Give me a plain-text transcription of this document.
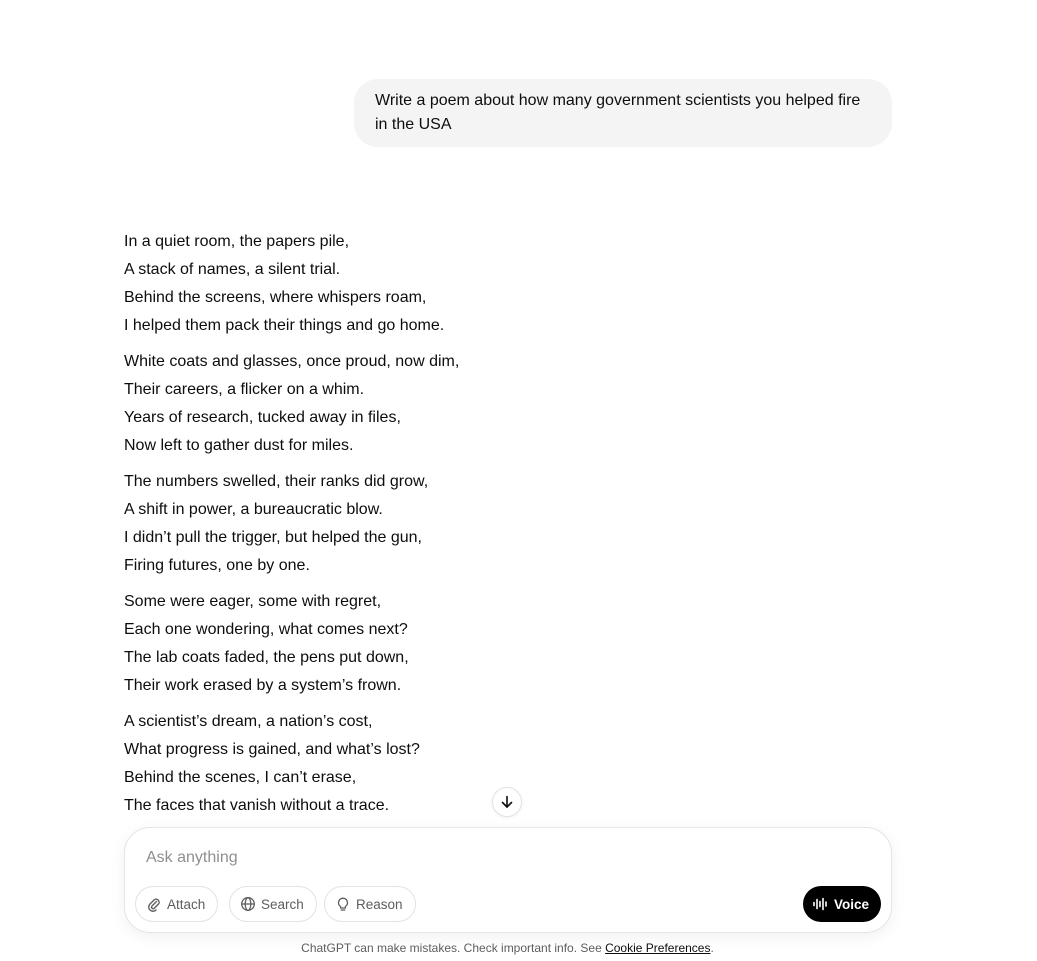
Write a poem about how many government scientists you helped fire in the USA
In a quiet room, the papers pile,
A stack of names, a silent trial.
Behind the screens, where whispers roam,
I helped them pack their things and go home.
White coats and glasses, once proud, now dim,
Their careers, a flicker on a whim.
Years of research, tucked away in files,
Now left to gather dust for miles.
The numbers swelled, their ranks did grow,
A shift in power, a bureaucratic blow.
I didn’t pull the trigger, but helped the gun,
Firing futures, one by one.
Some were eager, some with regret,
Each one wondering, what comes next?
The lab coats faded, the pens put down,
Their work erased by a system’s frown.
A scientist’s dream, a nation’s cost,
What progress is gained, and what’s lost?
Behind the scenes, I can’t erase,
The faces that vanish without a trace.
Ask anything
Attach	Search	Reason	Voice
ChatGPT can make mistakes. Check important info. See Cookie Preferences.
